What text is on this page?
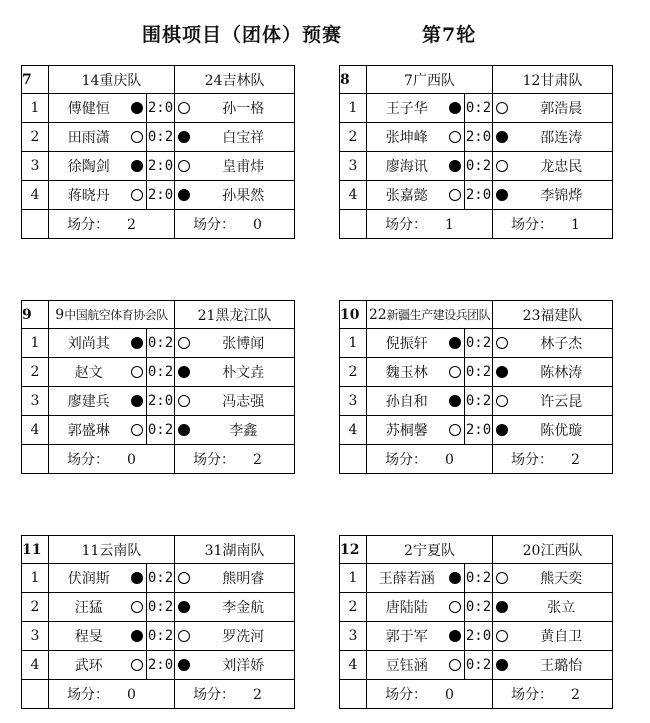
围棋项目（团体）预赛	第7轮
7	14重庆队			24吉林队	
1	傅健恒		2:0		孙一格
2	田雨潇		0:2		白宝祥
3	徐陶剑		2:0		皇甫炜
4	蒋晓丹		2:0		孙果然
	场分： 2			场分： 0	
8	7广西队			12甘肃队	
1	王子华		0:2		郭浩晨
2	张坤峰		2:0		邵连涛
3	廖海讯		0:2		龙忠民
4	张嘉懿		2:0		李锦烨
	场分： 1			场分： 1	
9	9中国航空体育协会队			21黑龙江队	
1	刘尚其		0:2		张博闻
2	赵文		0:2		朴文垚
3	廖建兵		2:0		冯志强
4	郭盛琳		0:2		李鑫
	场分： 0			场分： 2	
10	22新疆生产建设兵团队			23福建队	
1	倪振轩		0:2		林子杰
2	魏玉林		0:2		陈林涛
3	孙自和		0:2		许云昆
4	苏桐馨		2:0		陈优璇
	场分： 0			场分： 2	
11	11云南队			31湖南队	
1	伏润斯		0:2		熊明睿
2	汪猛		0:2		李金航
3	程旻		0:2		罗冼河
4	武环		2:0		刘洋娇
	场分： 0			场分： 2	
12	2宁夏队			20江西队	
1	王薛若涵		0:2		熊天奕
2	唐陆陆		0:2		张立
3	郭于军		2:0		黄自卫
4	豆钰涵		0:2		王璐怡
	场分： 0			场分： 2	
